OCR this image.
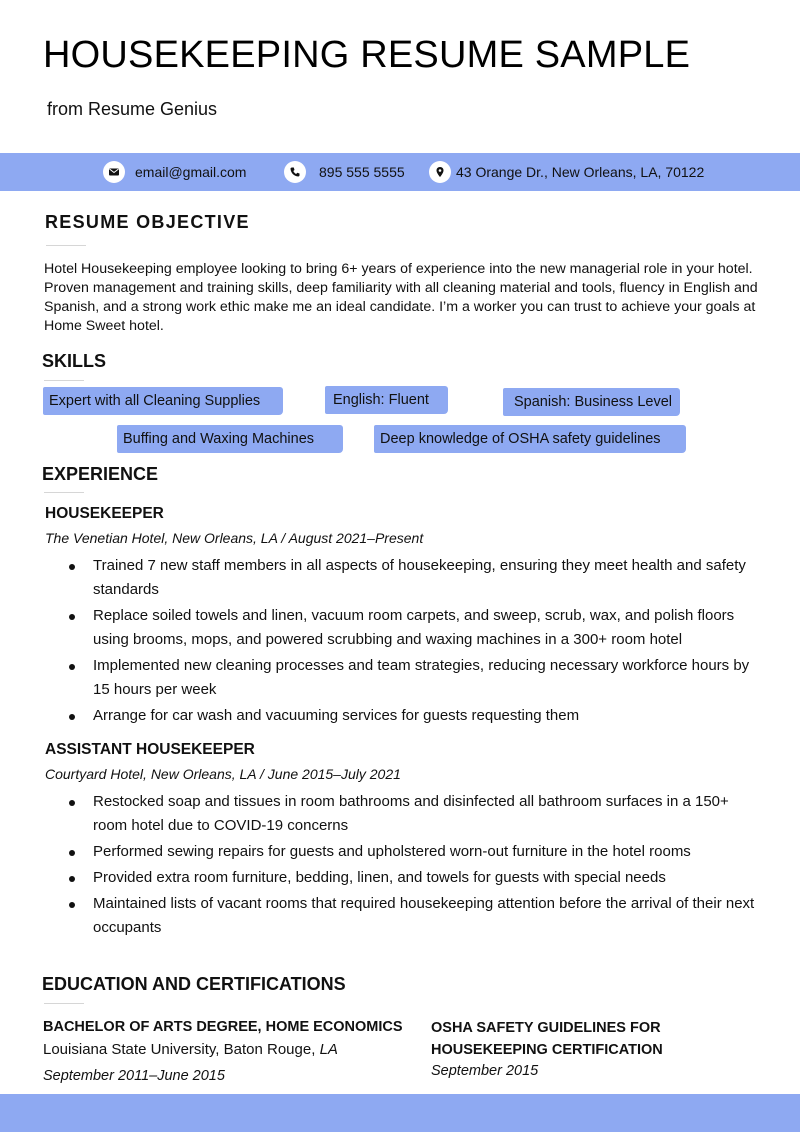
HOUSEKEEPING RESUME SAMPLE
from Resume Genius
email@gmail.com	895 555 5555	43 Orange Dr., New Orleans, LA, 70122
RESUME OBJECTIVE

Hotel Housekeeping employee looking to bring 6+ years of experience into the new managerial role in your hotel. Proven management and training skills, deep familiarity with all cleaning material and tools, fluency in English and Spanish, and a strong work ethic make me an ideal candidate. I’m a worker you can trust to achieve your goals at Home Sweet hotel.

SKILLS
Expert with all Cleaning Supplies	English: Fluent	Spanish: Business Level
Buffing and Waxing Machines	Deep knowledge of OSHA safety guidelines
EXPERIENCE
HOUSEKEEPER
The Venetian Hotel, New Orleans, LA / August 2021–Present
Trained 7 new staff members in all aspects of housekeeping, ensuring they meet health and safety standards
Replace soiled towels and linen, vacuum room carpets, and sweep, scrub, wax, and polish floors using brooms, mops, and powered scrubbing and waxing machines in a 300+ room hotel
Implemented new cleaning processes and team strategies, reducing necessary workforce hours by 15 hours per week
Arrange for car wash and vacuuming services for guests requesting them
ASSISTANT HOUSEKEEPER
Courtyard Hotel, New Orleans, LA / June 2015–July 2021
Restocked soap and tissues in room bathrooms and disinfected all bathroom surfaces in a 150+ room hotel due to COVID-19 concerns
Performed sewing repairs for guests and upholstered worn-out furniture in the hotel rooms
Provided extra room furniture, bedding, linen, and towels for guests with special needs
Maintained lists of vacant rooms that required housekeeping attention before the arrival of their next occupants
EDUCATION AND CERTIFICATIONS
BACHELOR OF ARTS DEGREE, HOME ECONOMICS
Louisiana State University, Baton Rouge, LA
September 2011–June 2015
OSHA SAFETY GUIDELINES FOR HOUSEKEEPING CERTIFICATION
September 2015
